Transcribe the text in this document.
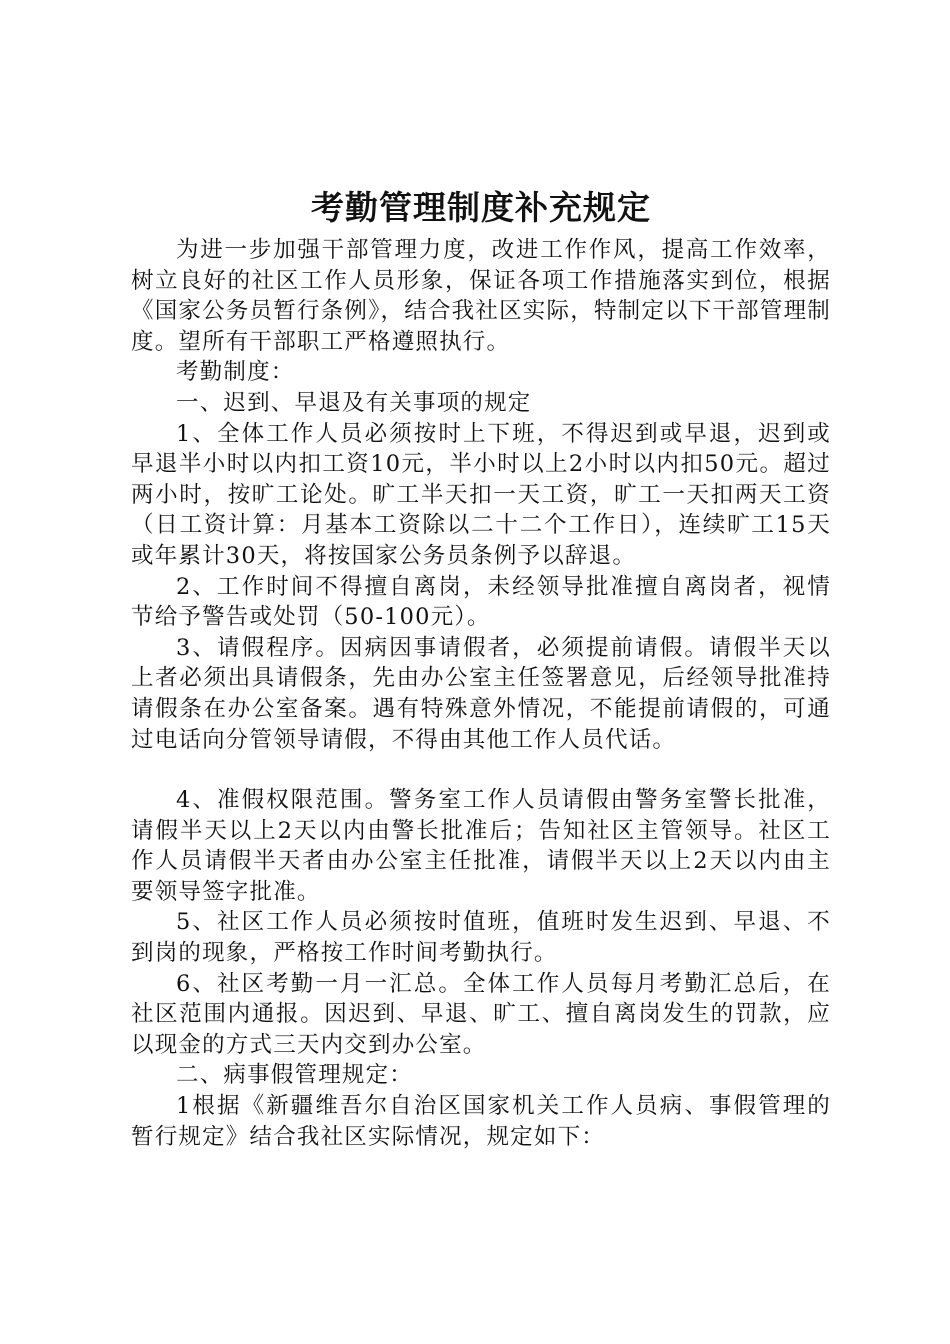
考勤管理制度补充规定

为进一步加强干部管理力度，改进工作作风，提高工作效率，树立良好的社区工作人员形象，保证各项工作措施落实到位，根据《国家公务员暂行条例》，结合我社区实际，特制定以下干部管理制度。望所有干部职工严格遵照执行。

考勤制度：

一、迟到、早退及有关事项的规定

1、全体工作人员必须按时上下班，不得迟到或早退，迟到或早退半小时以内扣工资10元，半小时以上2小时以内扣50元。超过两小时，按旷工论处。旷工半天扣一天工资，旷工一天扣两天工资（日工资计算：月基本工资除以二十二个工作日），连续旷工15天或年累计30天，将按国家公务员条例予以辞退。

2、工作时间不得擅自离岗，未经领导批准擅自离岗者，视情节给予警告或处罚（50-100元）。

3、请假程序。因病因事请假者，必须提前请假。请假半天以上者必须出具请假条，先由办公室主任签署意见，后经领导批准持请假条在办公室备案。遇有特殊意外情况，不能提前请假的，可通过电话向分管领导请假，不得由其他工作人员代话。

4、准假权限范围。警务室工作人员请假由警务室警长批准，请假半天以上2天以内由警长批准后；告知社区主管领导。社区工作人员请假半天者由办公室主任批准，请假半天以上2天以内由主要领导签字批准。

5、社区工作人员必须按时值班，值班时发生迟到、早退、不到岗的现象，严格按工作时间考勤执行。

6、社区考勤一月一汇总。全体工作人员每月考勤汇总后，在社区范围内通报。因迟到、早退、旷工、擅自离岗发生的罚款，应以现金的方式三天内交到办公室。

二、病事假管理规定：

1根据《新疆维吾尔自治区国家机关工作人员病、事假管理的暂行规定》结合我社区实际情况，规定如下：
